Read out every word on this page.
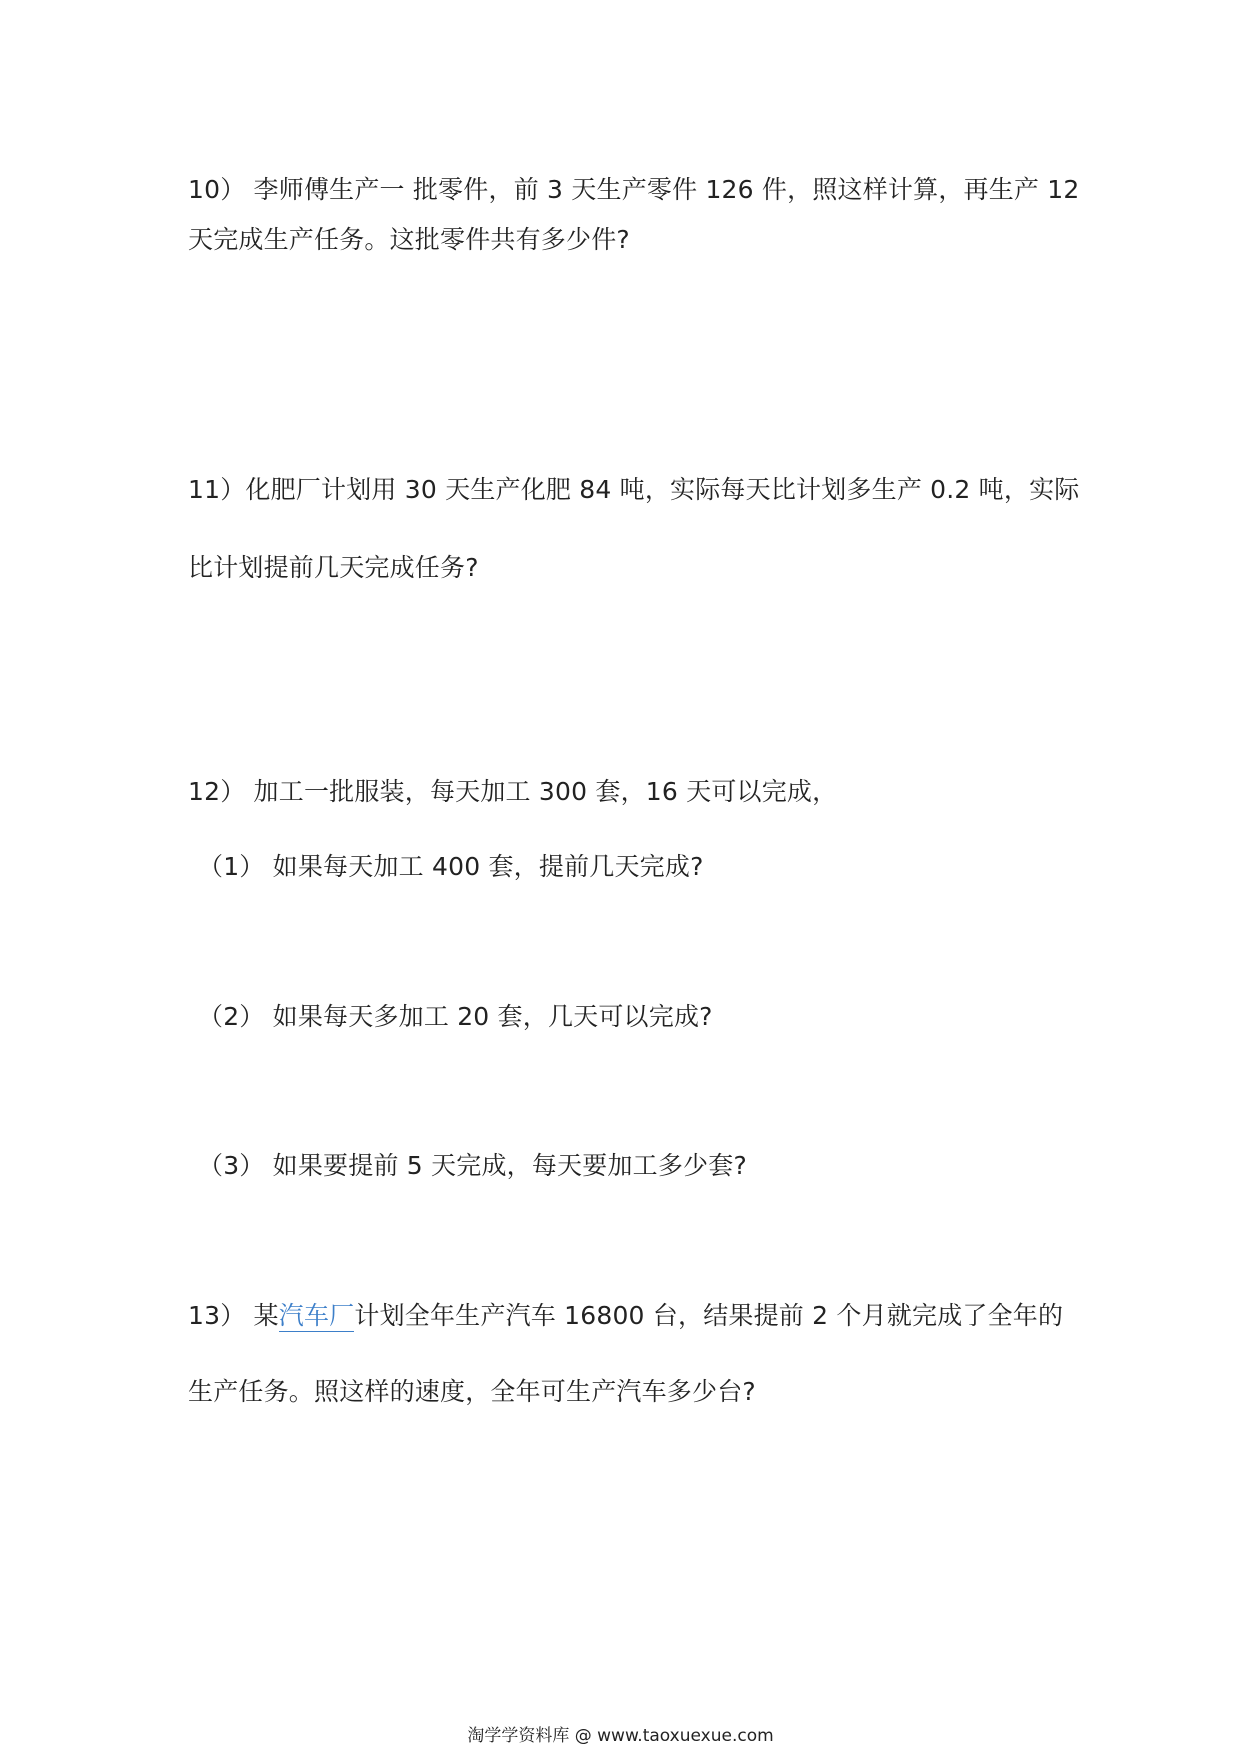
10） 李师傅生产一 批零件，前 3 天生产零件 126 件，照这样计算，再生产 12
天完成生产任务。这批零件共有多少件?
11）化肥厂计划用 30 天生产化肥 84 吨，实际每天比计划多生产 0.2 吨，实际
比计划提前几天完成任务?
12） 加工一批服装，每天加工 300 套，16 天可以完成，
（1） 如果每天加工 400 套，提前几天完成?
（2） 如果每天多加工 20 套，几天可以完成?
（3） 如果要提前 5 天完成，每天要加工多少套?
13） 某汽车厂计划全年生产汽车 16800 台，结果提前 2 个月就完成了全年的
生产任务。照这样的速度，全年可生产汽车多少台?
淘学学资料库 @ www.taoxuexue.com
